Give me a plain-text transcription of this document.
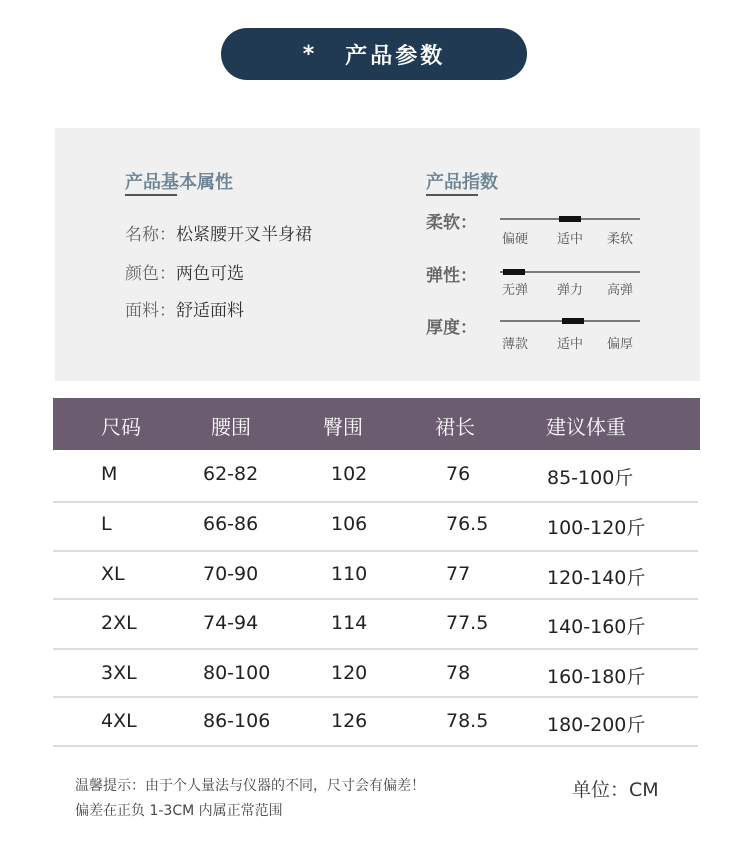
* 产品参数
产品基本属性
名称：松紧腰开叉半身裙
颜色：两色可选
面料：舒适面料
产品指数
柔软：
偏硬 适中 柔软
弹性：
无弹 弹力 高弹
厚度：
薄款 适中 偏厚
尺码	腰围	臀围	裙长	建议体重
M	62-82	102	76	85-100斤
L	66-86	106	76.5	100-120斤
XL	70-90	110	77	120-140斤
2XL	74-94	114	77.5	140-160斤
3XL	80-100	120	78	160-180斤
4XL	86-106	126	78.5	180-200斤
温馨提示：由于个人量法与仪器的不同，尺寸会有偏差！
偏差在正负 1-3CM 内属正常范围
单位：CM
